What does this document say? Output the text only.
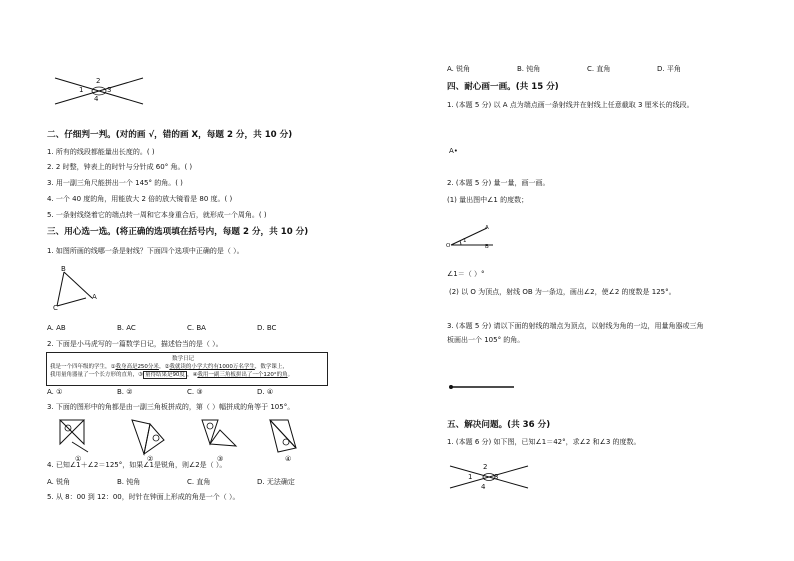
1
2
3
4
二、仔细判一判。(对的画 √，错的画 X，每题 2 分，共 10 分)
1. 所有的线段都能量出长度的。( )
2. 2 时整，钟表上的时针与分针成 60° 角。( )
3. 用一副三角尺能拼出一个 145° 的角。( )
4. 一个 40 度的角，用能放大 2 倍的放大镜看是 80 度。( )
5. 一条射线绕着它的端点转一周和它本身重合后，就形成一个周角。( )
三、用心选一选。(将正确的选项填在括号内，每题 2 分，共 10 分)
1. 如图所画的线哪一条是射线？下面四个选项中正确的是（ ）。
B
A
C
A. AB	B. AC	C. BA	D. BC
2. 下面是小马虎写的一篇数学日记，描述恰当的是（ ）。
数学日记
我是一个四年级的学生，①我身高是250分米，②我就读的小学大约有1000万名学生，数学课上，
我用量角器量了一个长方形的直角，③ 量得结果是90度 ，④我用一副三角板拼出了一个120°的角。
A. ①	B. ②	C. ③	D. ④
3. 下面的图形中的角都是由一副三角板拼成的，第（ ）幅拼成的角等于 105°。
①	②	③	④
4. 已知∠1＋∠2＝125°，如果∠1是锐角，则∠2是（ ）。
A. 锐角	B. 钝角	C. 直角	D. 无法确定
5. 从 8：00 到 12：00，时针在钟面上形成的角是一个（ ）。
A. 锐角	B. 钝角	C. 直角	D. 平角
四、耐心画一画。(共 15 分)
1. (本题 5 分) 以 A 点为端点画一条射线并在射线上任意截取 3 厘米长的线段。
A•
2. (本题 5 分) 量一量，画一画。
(1) 量出图中∠1 的度数；
O
1
A
B
∠1＝（ ）°
(2) 以 O 为顶点，射线 OB 为一条边，画出∠2，使∠2 的度数是 125°。
3. (本题 5 分) 请以下面的射线的端点为顶点，以射线为角的一边，用量角器或三角
板画出一个 105° 的角。
五、解决问题。(共 36 分)
1. (本题 6 分) 如下图，已知∠1＝42°，求∠2 和∠3 的度数。
1
2
3
4
